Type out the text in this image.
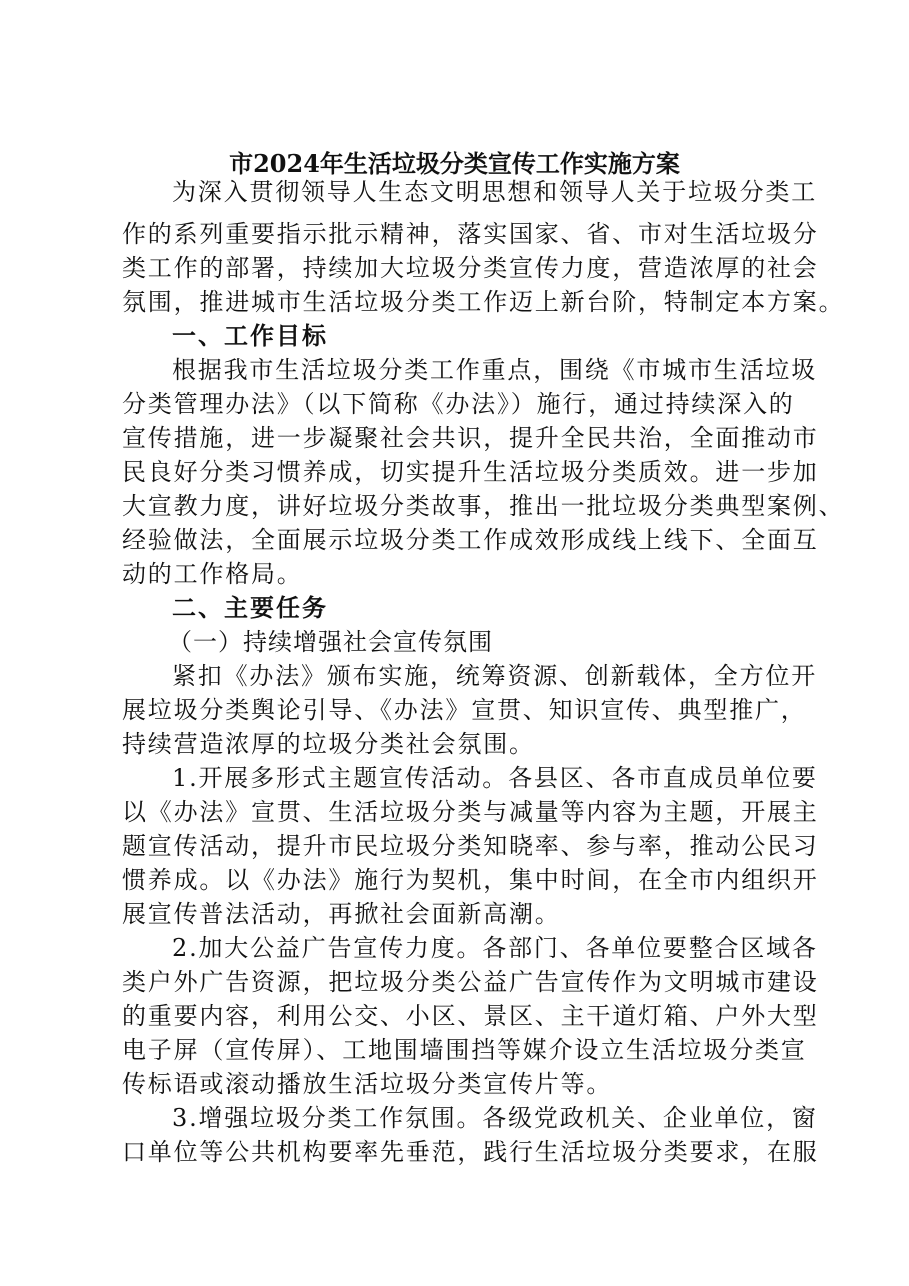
市2024年生活垃圾分类宣传工作实施方案
为深入贯彻领导人生态文明思想和领导人关于垃圾分类工
作的系列重要指示批示精神，落实国家、省、市对生活垃圾分
类工作的部署，持续加大垃圾分类宣传力度，营造浓厚的社会
氛围，推进城市生活垃圾分类工作迈上新台阶，特制定本方案。
一、工作目标
根据我市生活垃圾分类工作重点，围绕《市城市生活垃圾
分类管理办法》（以下简称《办法》）施行，通过持续深入的
宣传措施，进一步凝聚社会共识，提升全民共治，全面推动市
民良好分类习惯养成，切实提升生活垃圾分类质效。进一步加
大宣教力度，讲好垃圾分类故事，推出一批垃圾分类典型案例、
经验做法，全面展示垃圾分类工作成效形成线上线下、全面互
动的工作格局。
二、主要任务
（一）持续增强社会宣传氛围
紧扣《办法》颁布实施，统筹资源、创新载体，全方位开
展垃圾分类舆论引导、《办法》宣贯、知识宣传、典型推广，
持续营造浓厚的垃圾分类社会氛围。
1.开展多形式主题宣传活动。各县区、各市直成员单位要
以《办法》宣贯、生活垃圾分类与减量等内容为主题，开展主
题宣传活动，提升市民垃圾分类知晓率、参与率，推动公民习
惯养成。以《办法》施行为契机，集中时间，在全市内组织开
展宣传普法活动，再掀社会面新高潮。
2.加大公益广告宣传力度。各部门、各单位要整合区域各
类户外广告资源，把垃圾分类公益广告宣传作为文明城市建设
的重要内容，利用公交、小区、景区、主干道灯箱、户外大型
电子屏（宣传屏）、工地围墙围挡等媒介设立生活垃圾分类宣
传标语或滚动播放生活垃圾分类宣传片等。
3.增强垃圾分类工作氛围。各级党政机关、企业单位，窗
口单位等公共机构要率先垂范，践行生活垃圾分类要求，在服
